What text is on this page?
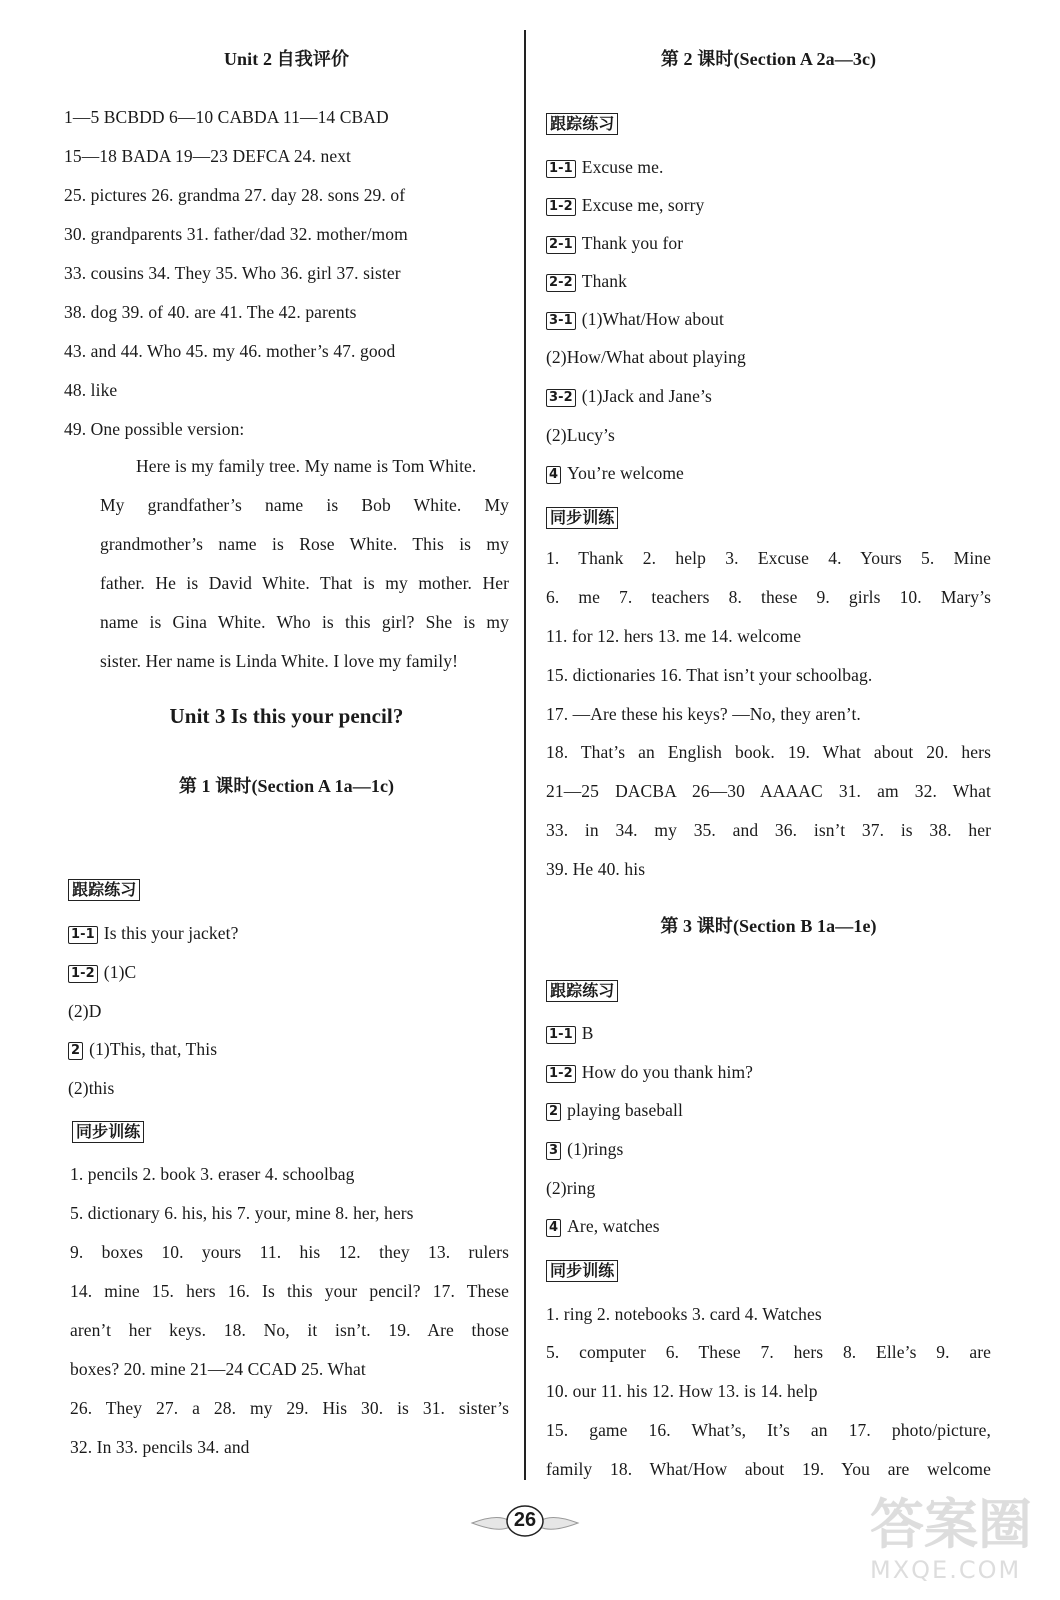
Unit 2 自我评价
1—5 BCBDD 6—10 CABDA 11—14 CBAD
15—18 BADA 19—23 DEFCA 24. next
25. pictures 26. grandma 27. day 28. sons 29. of
30. grandparents 31. father/dad 32. mother/mom
33. cousins 34. They 35. Who 36. girl 37. sister
38. dog 39. of 40. are 41. The 42. parents
43. and 44. Who 45. my 46. mother’s 47. good
48. like
49. One possible version:
Here is my family tree. My name is Tom White.
My grandfather’s name is Bob White. My
grandmother’s name is Rose White. This is my
father. He is David White. That is my mother. Her
name is Gina White. Who is this girl? She is my
sister. Her name is Linda White. I love my family!
Unit 3 Is this your pencil?
第 1 课时(Section A 1a—1c)
跟踪练习
1-1 Is this your jacket?
1-2 (1)C
(2)D
2 (1)This, that, This
(2)this
同步训练
1. pencils 2. book 3. eraser 4. schoolbag
5. dictionary 6. his, his 7. your, mine 8. her, hers
9. boxes 10. yours 11. his 12. they 13. rulers
14. mine 15. hers 16. Is this your pencil? 17. These
aren’t her keys. 18. No, it isn’t. 19. Are those
boxes? 20. mine 21—24 CCAD 25. What
26. They 27. a 28. my 29. His 30. is 31. sister’s
32. In 33. pencils 34. and
第 2 课时(Section A 2a—3c)
跟踪练习
1-1 Excuse me.
1-2 Excuse me, sorry
2-1 Thank you for
2-2 Thank
3-1 (1)What/How about
(2)How/What about playing
3-2 (1)Jack and Jane’s
(2)Lucy’s
4 You’re welcome
同步训练
1. Thank 2. help 3. Excuse 4. Yours 5. Mine
6. me 7. teachers 8. these 9. girls 10. Mary’s
11. for 12. hers 13. me 14. welcome
15. dictionaries 16. That isn’t your schoolbag.
17. —Are these his keys? —No, they aren’t.
18. That’s an English book. 19. What about 20. hers
21—25 DACBA 26—30 AAAAC 31. am 32. What
33. in 34. my 35. and 36. isn’t 37. is 38. her
39. He 40. his
第 3 课时(Section B 1a—1e)
跟踪练习
1-1 B
1-2 How do you thank him?
2 playing baseball
3 (1)rings
(2)ring
4 Are, watches
同步训练
1. ring 2. notebooks 3. card 4. Watches
5. computer 6. These 7. hers 8. Elle’s 9. are
10. our 11. his 12. How 13. is 14. help
15. game 16. What’s, It’s an 17. photo/picture,
family 18. What/How about 19. You are welcome
26	答案圈
MXQE.COM
